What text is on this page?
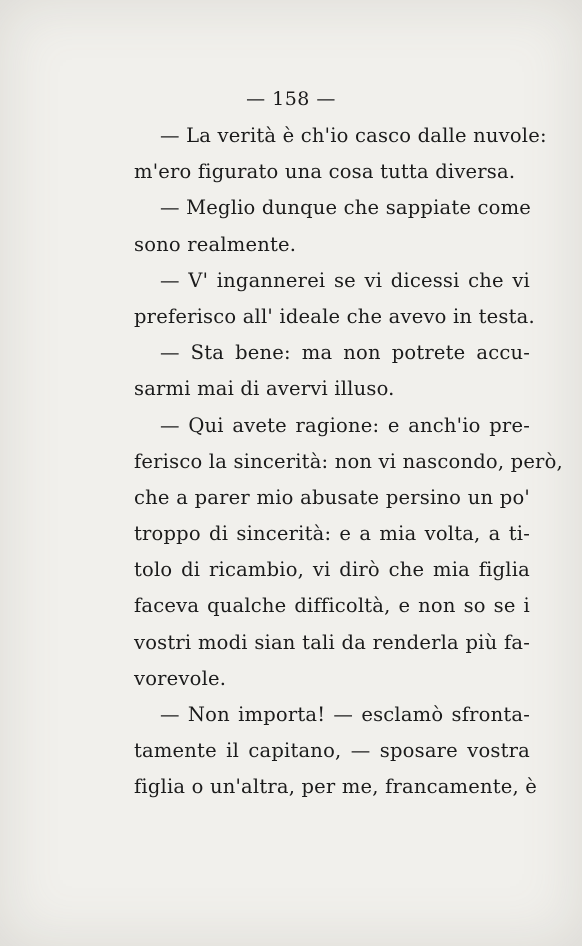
— 158 —
— La verità è ch'io casco dalle nuvole:
m'ero figurato una cosa tutta diversa.
— Meglio dunque che sappiate come
sono realmente.
— V' ingannerei se vi dicessi che vi
preferisco all' ideale che avevo in testa.
— Sta bene: ma non potrete accu-
sarmi mai di avervi illuso.
— Qui avete ragione: e anch'io pre-
ferisco la sincerità: non vi nascondo, però,
che a parer mio abusate persino un po'
troppo di sincerità: e a mia volta, a ti-
tolo di ricambio, vi dirò che mia figlia
faceva qualche difficoltà, e non so se i
vostri modi sian tali da renderla più fa-
vorevole.
— Non importa! — esclamò sfronta-
tamente il capitano, — sposare vostra
figlia o un'altra, per me, francamente, è
